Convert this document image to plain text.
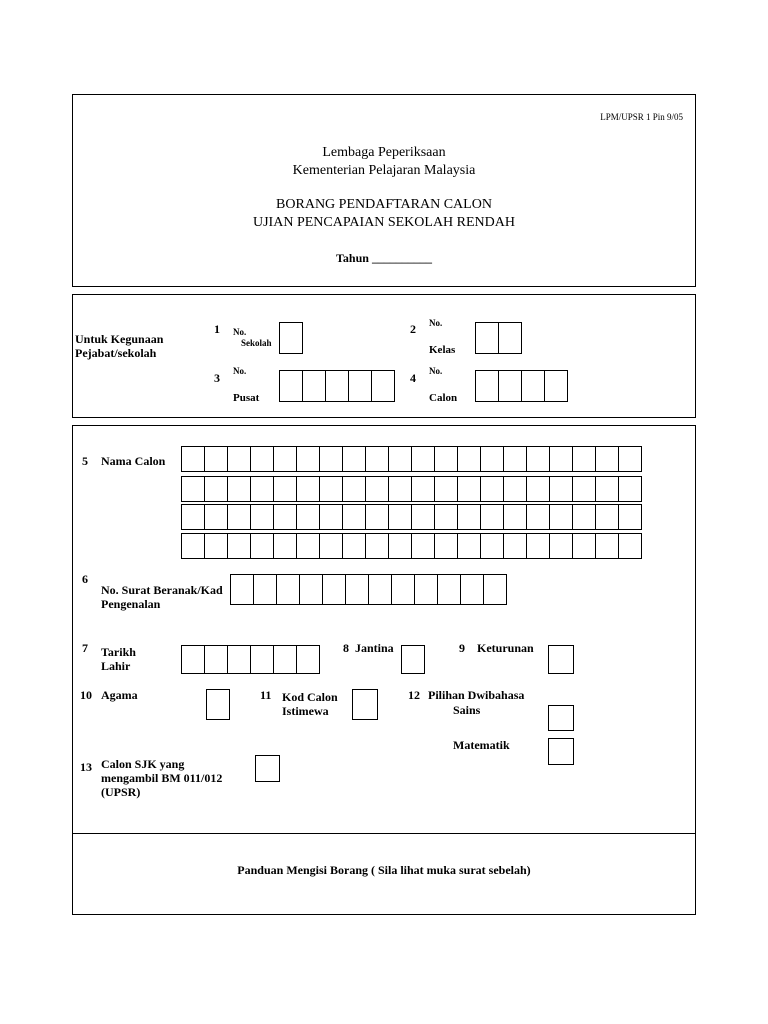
LPM/UPSR 1 Pin 9/05
Lembaga Peperiksaan
Kementerian Pelajaran Malaysia
BORANG PENDAFTARAN CALON
UJIAN PENCAPAIAN SEKOLAH RENDAH
Tahun __________
Untuk Kegunaan
Pejabat/sekolah
1 No.
Sekolah
2 No.
Kelas
3 No.
Pusat
4 No.
Calon
5 Nama Calon
6
No. Surat Beranak/Kad
Pengenalan
7 Tarikh
Lahir
8 Jantina	9 Keturunan
10 Agama	11 Kod Calon
Istimewa
12 Pilihan Dwibahasa
Sains
Matematik
13 Calon SJK yang
mengambil BM 011/012
(UPSR)
Panduan Mengisi Borang ( Sila lihat muka surat sebelah)
